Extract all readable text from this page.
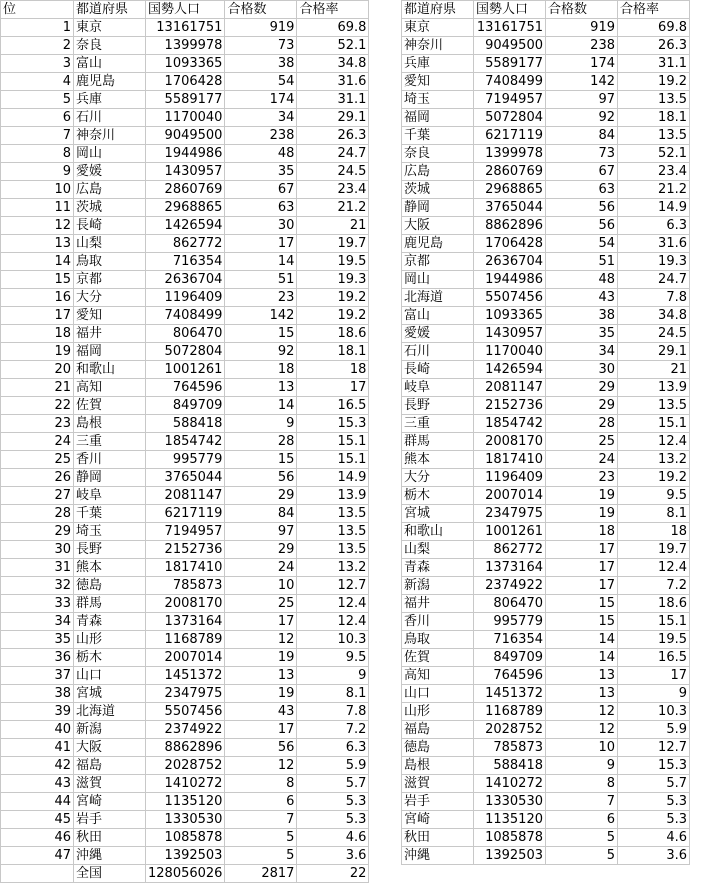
位	都道府県	国勢人口	合格数	合格率
1	東京	13161751	919	69.8
2	奈良	1399978	73	52.1
3	富山	1093365	38	34.8
4	鹿児島	1706428	54	31.6
5	兵庫	5589177	174	31.1
6	石川	1170040	34	29.1
7	神奈川	9049500	238	26.3
8	岡山	1944986	48	24.7
9	愛媛	1430957	35	24.5
10	広島	2860769	67	23.4
11	茨城	2968865	63	21.2
12	長崎	1426594	30	21
13	山梨	862772	17	19.7
14	鳥取	716354	14	19.5
15	京都	2636704	51	19.3
16	大分	1196409	23	19.2
17	愛知	7408499	142	19.2
18	福井	806470	15	18.6
19	福岡	5072804	92	18.1
20	和歌山	1001261	18	18
21	高知	764596	13	17
22	佐賀	849709	14	16.5
23	島根	588418	9	15.3
24	三重	1854742	28	15.1
25	香川	995779	15	15.1
26	静岡	3765044	56	14.9
27	岐阜	2081147	29	13.9
28	千葉	6217119	84	13.5
29	埼玉	7194957	97	13.5
30	長野	2152736	29	13.5
31	熊本	1817410	24	13.2
32	徳島	785873	10	12.7
33	群馬	2008170	25	12.4
34	青森	1373164	17	12.4
35	山形	1168789	12	10.3
36	栃木	2007014	19	9.5
37	山口	1451372	13	9
38	宮城	2347975	19	8.1
39	北海道	5507456	43	7.8
40	新潟	2374922	17	7.2
41	大阪	8862896	56	6.3
42	福島	2028752	12	5.9
43	滋賀	1410272	8	5.7
44	宮崎	1135120	6	5.3
45	岩手	1330530	7	5.3
46	秋田	1085878	5	4.6
47	沖縄	1392503	5	3.6
	全国	128056026	2817	22
都道府県	国勢人口	合格数	合格率
東京	13161751	919	69.8
神奈川	9049500	238	26.3
兵庫	5589177	174	31.1
愛知	7408499	142	19.2
埼玉	7194957	97	13.5
福岡	5072804	92	18.1
千葉	6217119	84	13.5
奈良	1399978	73	52.1
広島	2860769	67	23.4
茨城	2968865	63	21.2
静岡	3765044	56	14.9
大阪	8862896	56	6.3
鹿児島	1706428	54	31.6
京都	2636704	51	19.3
岡山	1944986	48	24.7
北海道	5507456	43	7.8
富山	1093365	38	34.8
愛媛	1430957	35	24.5
石川	1170040	34	29.1
長崎	1426594	30	21
岐阜	2081147	29	13.9
長野	2152736	29	13.5
三重	1854742	28	15.1
群馬	2008170	25	12.4
熊本	1817410	24	13.2
大分	1196409	23	19.2
栃木	2007014	19	9.5
宮城	2347975	19	8.1
和歌山	1001261	18	18
山梨	862772	17	19.7
青森	1373164	17	12.4
新潟	2374922	17	7.2
福井	806470	15	18.6
香川	995779	15	15.1
鳥取	716354	14	19.5
佐賀	849709	14	16.5
高知	764596	13	17
山口	1451372	13	9
山形	1168789	12	10.3
福島	2028752	12	5.9
徳島	785873	10	12.7
島根	588418	9	15.3
滋賀	1410272	8	5.7
岩手	1330530	7	5.3
宮崎	1135120	6	5.3
秋田	1085878	5	4.6
沖縄	1392503	5	3.6
